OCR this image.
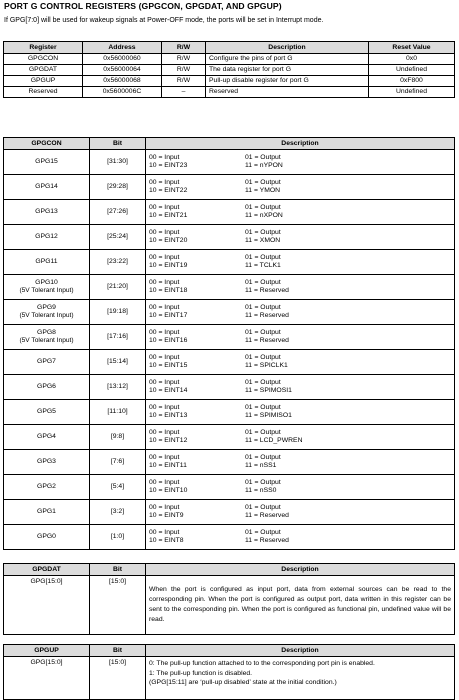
PORT G CONTROL REGISTERS (GPGCON, GPGDAT, AND GPGUP)
If GPG[7:0] will be used for wakeup signals at Power-OFF mode, the ports will be set in Interrupt mode.
Register	Address	R/W	Description	Reset Value
GPGCON	0x56000060	R/W	Configure the pins of port G	0x0
GPGDAT	0x56000064	R/W	The data register for port G	Undefined
GPGUP	0x56000068	R/W	Pull-up disable register for port G	0xF800
Reserved	0x5600006C	–	Reserved	Undefined
GPGCON	Bit	Description

GPG15	[31:30]	00 = Input 01 = Output
10 = EINT23 11 = nYPON

GPG14	[29:28]	00 = Input 01 = Output
10 = EINT22 11 = YMON

GPG13	[27:26]	00 = Input 01 = Output
10 = EINT21 11 = nXPON

GPG12	[25:24]	00 = Input 01 = Output
10 = EINT20 11 = XMON

GPG11	[23:22]	00 = Input 01 = Output
10 = EINT19 11 = TCLK1

GPG10
(5V Tolerant Input)	[21:20]	00 = Input 01 = Output
10 = EINT18 11 = Reserved

GPG9
(5V Tolerant Input)	[19:18]	00 = Input 01 = Output
10 = EINT17 11 = Reserved

GPG8
(5V Tolerant Input)	[17:16]	00 = Input 01 = Output
10 = EINT16 11 = Reserved

GPG7	[15:14]	00 = Input 01 = Output
10 = EINT15 11 = SPICLK1

GPG6	[13:12]	00 = Input 01 = Output
10 = EINT14 11 = SPIMOSI1

GPG5	[11:10]	00 = Input 01 = Output
10 = EINT13 11 = SPIMISO1

GPG4	[9:8]	00 = Input 01 = Output
10 = EINT12 11 = LCD_PWREN

GPG3	[7:6]	00 = Input 01 = Output
10 = EINT11 11 = nSS1

GPG2	[5:4]	00 = Input 01 = Output
10 = EINT10 11 = nSS0

GPG1	[3:2]	00 = Input 01 = Output
10 = EINT9 11 = Reserved

GPG0	[1:0]	00 = Input 01 = Output
10 = EINT8 11 = Reserved
GPGDAT	Bit	Description
GPG[15:0]	[15:0]	When the port is configured as input port, data from external sources can be read to the corresponding pin. When the port is configured as output port, data written in this register can be sent to the corresponding pin. When the port is configured as functional pin, undefined value will be read.
GPGUP	Bit	Description
GPG[15:0]	[15:0]	0: The pull-up function attached to to the corresponding port pin is enabled.
1: The pull-up function is disabled.
(GPG[15:11] are ‘pull-up disabled’ state at the initial condition.)
